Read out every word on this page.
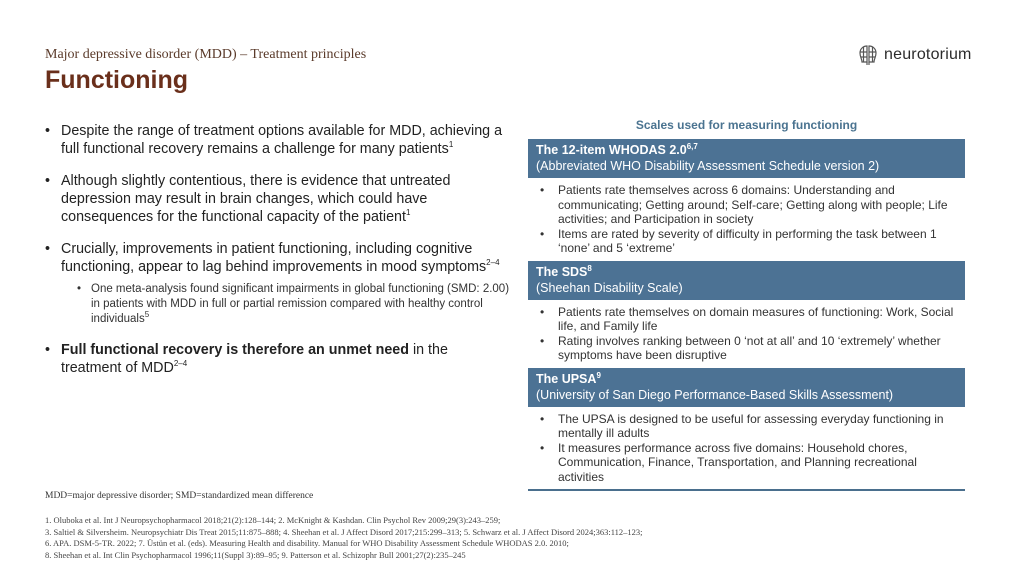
Major depressive disorder (MDD) – Treatment principles
Functioning
neurotorium
• Despite the range of treatment options available for MDD, achieving a full functional recovery remains a challenge for many patients$^1$
• Although slightly contentious, there is evidence that untreated depression may result in brain changes, which could have consequences for the functional capacity of the patient$^1$
• Crucially, improvements in patient functioning, including cognitive functioning, appear to lag behind improvements in mood symptoms$^{2-4}$
• One meta-analysis found significant impairments in global functioning (SMD: 2.00) in patients with MDD in full or partial remission compared with healthy control individuals$^5$
• Full functional recovery is therefore an unmet need in the treatment of MDD$^{2-4}$
Scales used for measuring functioning
The 12-item WHODAS 2.0$^{6,7}$
(Abbreviated WHO Disability Assessment Schedule version 2)
• Patients rate themselves across 6 domains: Understanding and communicating; Getting around; Self-care; Getting along with people; Life activities; and Participation in society
• Items are rated by severity of difficulty in performing the task between 1 ‘none’ and 5 ‘extreme’
The SDS$^8$
(Sheehan Disability Scale)
• Patients rate themselves on domain measures of functioning: Work, Social life, and Family life
• Rating involves ranking between 0 ‘not at all’ and 10 ‘extremely’ whether symptoms have been disruptive
The UPSA$^9$
(University of San Diego Performance-Based Skills Assessment)
• The UPSA is designed to be useful for assessing everyday functioning in mentally ill adults
• It measures performance across five domains: Household chores, Communication, Finance, Transportation, and Planning recreational activities
MDD=major depressive disorder; SMD=standardized mean difference
1. Oluboka et al. Int J Neuropsychopharmacol 2018;21(2):128–144; 2. McKnight & Kashdan. Clin Psychol Rev 2009;29(3):243–259;
3. Saltiel & Silversheim. Neuropsychiatr Dis Treat 2015;11:875–888; 4. Sheehan et al. J Affect Disord 2017;215:299–313; 5. Schwarz et al. J Affect Disord 2024;363:112–123;
6. APA. DSM-5-TR. 2022; 7. Üstün et al. (eds). Measuring Health and disability. Manual for WHO Disability Assessment Schedule WHODAS 2.0. 2010;
8. Sheehan et al. Int Clin Psychopharmacol 1996;11(Suppl 3):89–95; 9. Patterson et al. Schizophr Bull 2001;27(2):235–245
